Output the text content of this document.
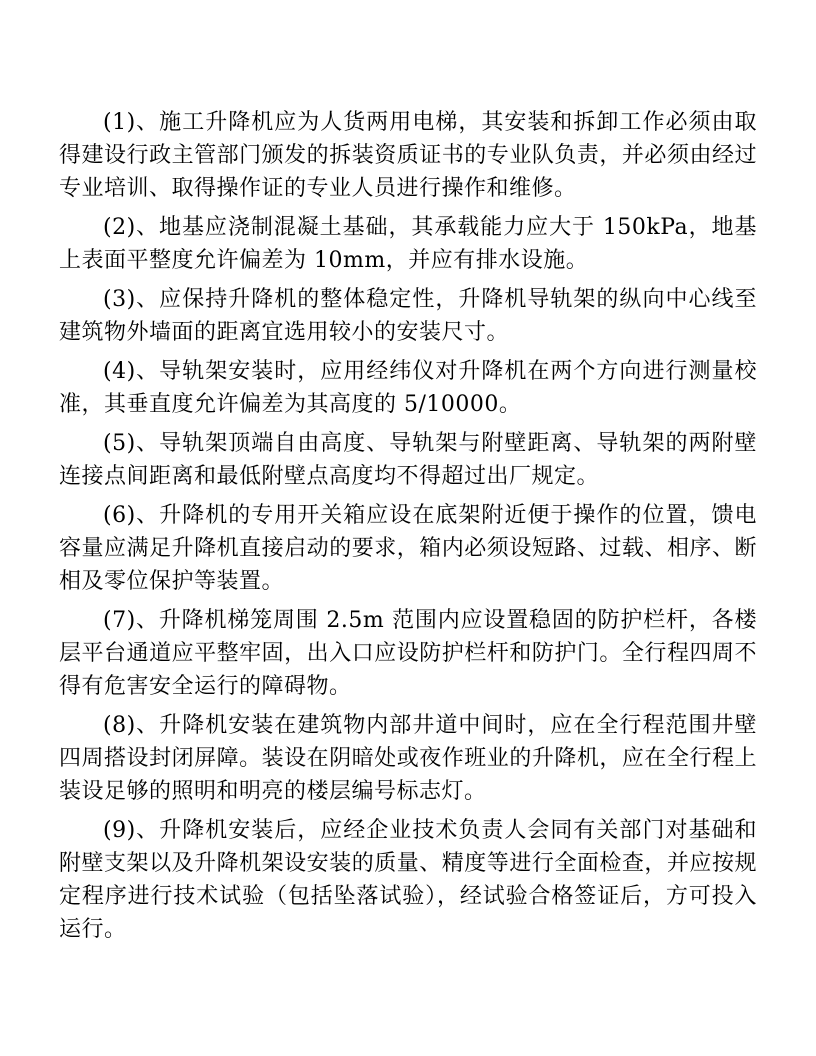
(1)、施工升降机应为人货两用电梯，其安装和拆卸工作必须由取得建设行政主管部门颁发的拆装资质证书的专业队负责，并必须由经过专业培训、取得操作证的专业人员进行操作和维修。

(2)、地基应浇制混凝土基础，其承载能力应大于 150kPa，地基上表面平整度允许偏差为 10mm，并应有排水设施。

(3)、应保持升降机的整体稳定性，升降机导轨架的纵向中心线至建筑物外墙面的距离宜选用较小的安装尺寸。

(4)、导轨架安装时，应用经纬仪对升降机在两个方向进行测量校准，其垂直度允许偏差为其高度的 5/10000。

(5)、导轨架顶端自由高度、导轨架与附壁距离、导轨架的两附壁连接点间距离和最低附壁点高度均不得超过出厂规定。

(6)、升降机的专用开关箱应设在底架附近便于操作的位置，馈电容量应满足升降机直接启动的要求，箱内必须设短路、过载、相序、断相及零位保护等装置。

(7)、升降机梯笼周围 2.5m 范围内应设置稳固的防护栏杆，各楼层平台通道应平整牢固，出入口应设防护栏杆和防护门。全行程四周不得有危害安全运行的障碍物。

(8)、升降机安装在建筑物内部井道中间时，应在全行程范围井壁四周搭设封闭屏障。装设在阴暗处或夜作班业的升降机，应在全行程上装设足够的照明和明亮的楼层编号标志灯。

(9)、升降机安装后，应经企业技术负责人会同有关部门对基础和附壁支架以及升降机架设安装的质量、精度等进行全面检查，并应按规定程序进行技术试验（包括坠落试验），经试验合格签证后，方可投入运行。
